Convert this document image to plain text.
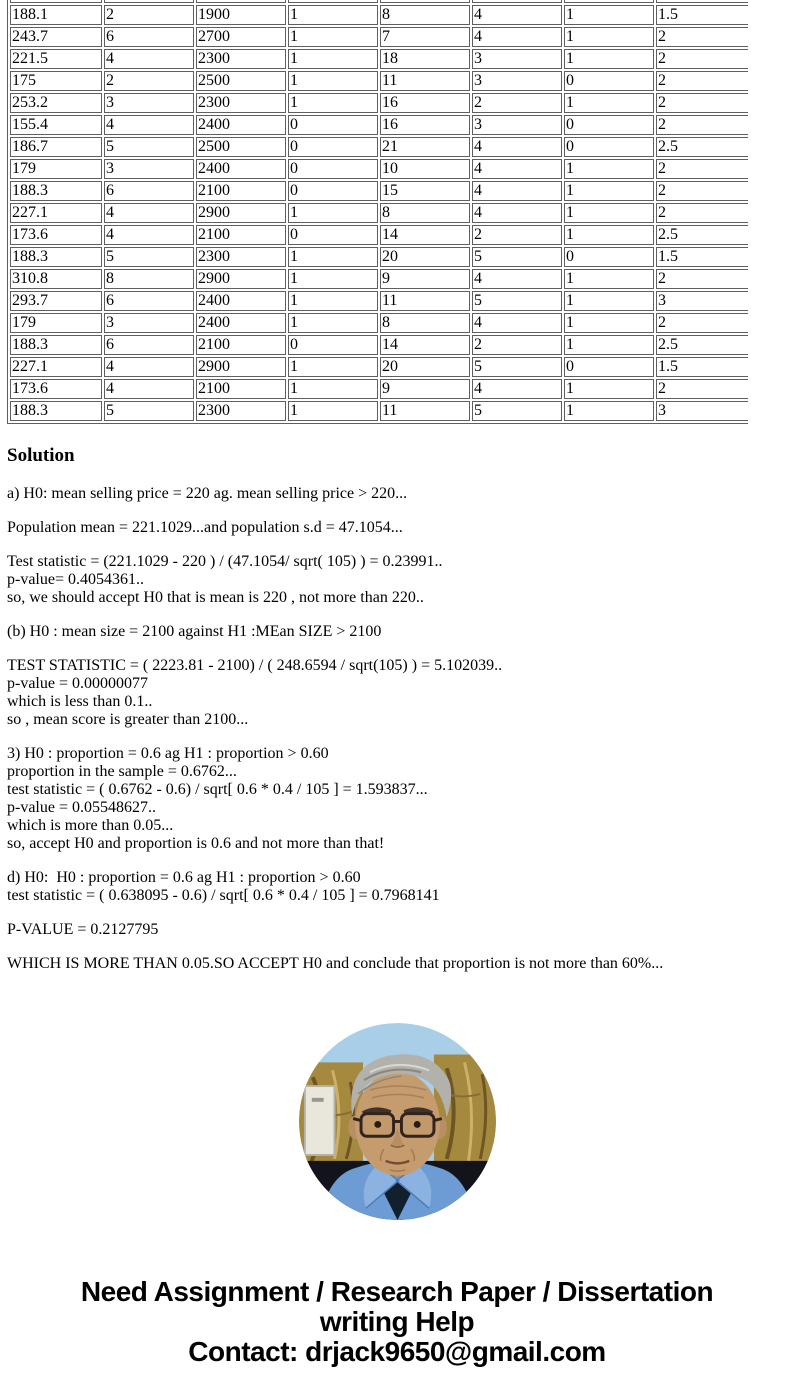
188.1	2	1900	1	8	4	1	1.5
243.7	6	2700	1	7	4	1	2
221.5	4	2300	1	18	3	1	2
175	2	2500	1	11	3	0	2
253.2	3	2300	1	16	2	1	2
155.4	4	2400	0	16	3	0	2
186.7	5	2500	0	21	4	0	2.5
179	3	2400	0	10	4	1	2
188.3	6	2100	0	15	4	1	2
227.1	4	2900	1	8	4	1	2
173.6	4	2100	0	14	2	1	2.5
188.3	5	2300	1	20	5	0	1.5
310.8	8	2900	1	9	4	1	2
293.7	6	2400	1	11	5	1	3
179	3	2400	1	8	4	1	2
188.3	6	2100	0	14	2	1	2.5
227.1	4	2900	1	20	5	0	1.5
173.6	4	2100	1	9	4	1	2
188.3	5	2300	1	11	5	1	3
Solution

a) H0: mean selling price = 220 ag. mean selling price > 220...

Population mean = 221.1029...and population s.d = 47.1054...

Test statistic = (221.1029 - 220 ) / (47.1054/ sqrt( 105) ) = 0.23991..
p-value= 0.4054361..
so, we should accept H0 that is mean is 220 , not more than 220..

(b) H0 : mean size = 2100 against H1 :MEan SIZE > 2100

TEST STATISTIC = ( 2223.81 - 2100) / ( 248.6594 / sqrt(105) ) = 5.102039..
p-value = 0.00000077
which is less than 0.1..
so , mean score is greater than 2100...

3) H0 : proportion = 0.6 ag H1 : proportion > 0.60
proportion in the sample = 0.6762...
test statistic = ( 0.6762 - 0.6) / sqrt[ 0.6 * 0.4 / 105 ] = 1.593837...
p-value = 0.05548627..
which is more than 0.05...
so, accept H0 and proportion is 0.6 and not more than that!

d) H0:  H0 : proportion = 0.6 ag H1 : proportion > 0.60
test statistic = ( 0.638095 - 0.6) / sqrt[ 0.6 * 0.4 / 105 ] = 0.7968141

P-VALUE = 0.2127795

WHICH IS MORE THAN 0.05.SO ACCEPT H0 and conclude that proportion is not more than 60%...

Need Assignment / Research Paper / Dissertation
writing Help
Contact: drjack9650@gmail.com
